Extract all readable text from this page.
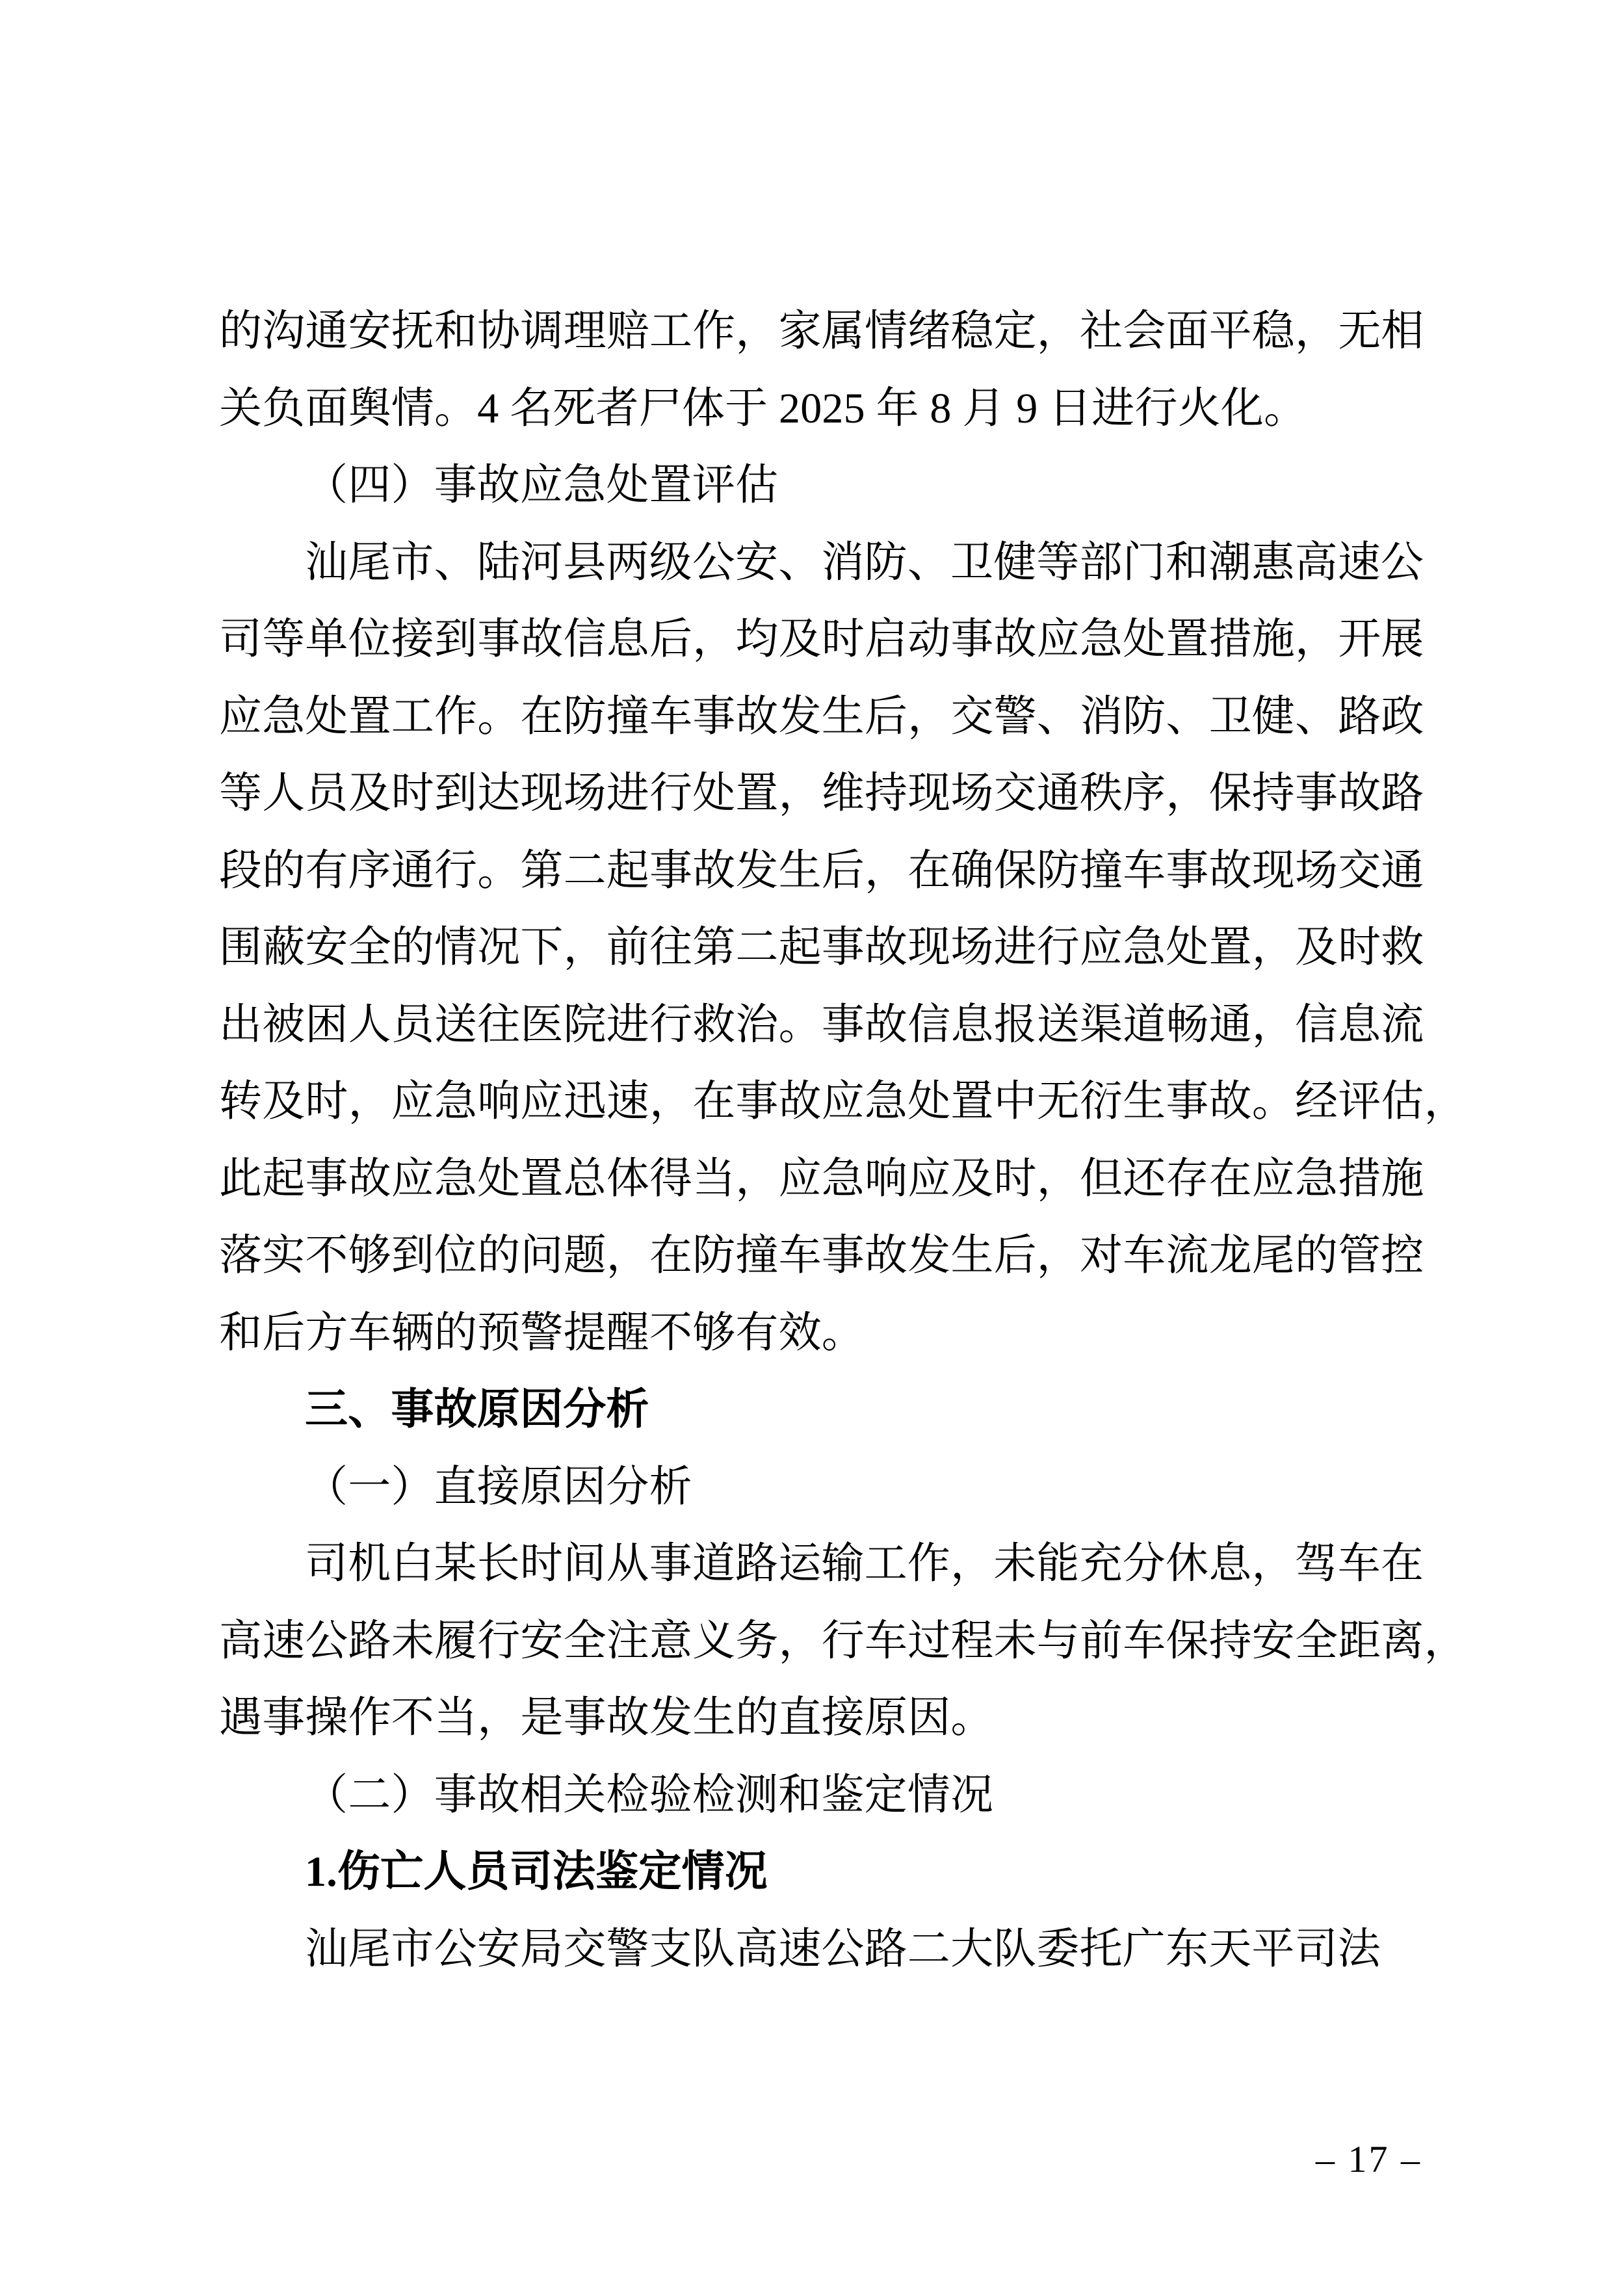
的沟通安抚和协调理赔工作，家属情绪稳定，社会面平稳，无相
关负面舆情。4 名死者尸体于 2025 年 8 月 9 日进行火化。
（四）事故应急处置评估
汕尾市、陆河县两级公安、消防、卫健等部门和潮惠高速公
司等单位接到事故信息后，均及时启动事故应急处置措施，开展
应急处置工作。在防撞车事故发生后，交警、消防、卫健、路政
等人员及时到达现场进行处置，维持现场交通秩序，保持事故路
段的有序通行。第二起事故发生后，在确保防撞车事故现场交通
围蔽安全的情况下，前往第二起事故现场进行应急处置，及时救
出被困人员送往医院进行救治。事故信息报送渠道畅通，信息流
转及时，应急响应迅速，在事故应急处置中无衍生事故。经评估，
此起事故应急处置总体得当，应急响应及时，但还存在应急措施
落实不够到位的问题，在防撞车事故发生后，对车流龙尾的管控
和后方车辆的预警提醒不够有效。
三、事故原因分析
（一）直接原因分析
司机白某长时间从事道路运输工作，未能充分休息，驾车在
高速公路未履行安全注意义务，行车过程未与前车保持安全距离，
遇事操作不当，是事故发生的直接原因。
（二）事故相关检验检测和鉴定情况
1.伤亡人员司法鉴定情况
汕尾市公安局交警支队高速公路二大队委托广东天平司法
– 17 –
